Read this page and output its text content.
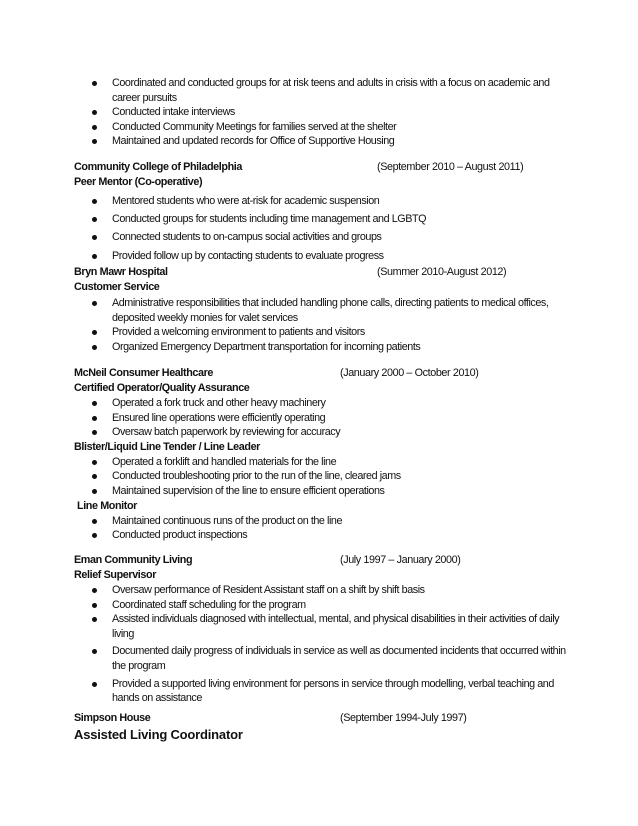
Coordinated and conducted groups for at risk teens and adults in crisis with a focus on academic and career pursuits
Conducted intake interviews
Conducted Community Meetings for families served at the shelter
Maintained and updated records for Office of Supportive Housing
Community College of Philadelphia	(September 2010 – August 2011)
Peer Mentor (Co-operative)
Mentored students who were at-risk for academic suspension
Conducted groups for students including time management and LGBTQ
Connected students to on-campus social activities and groups
Provided follow up by contacting students to evaluate progress
Bryn Mawr Hospital	(Summer 2010-August 2012)
Customer Service
Administrative responsibilities that included handling phone calls, directing patients to medical offices, deposited weekly monies for valet services
Provided a welcoming environment to patients and visitors
Organized Emergency Department transportation for incoming patients
McNeil Consumer Healthcare	(January 2000 – October 2010)
Certified Operator/Quality Assurance
Operated a fork truck and other heavy machinery
Ensured line operations were efficiently operating
Oversaw batch paperwork by reviewing for accuracy
Blister/Liquid Line Tender / Line Leader
Operated a forklift and handled materials for the line
Conducted troubleshooting prior to the run of the line, cleared jams
Maintained supervision of the line to ensure efficient operations
Line Monitor
Maintained continuous runs of the product on the line
Conducted product inspections
Eman Community Living	(July 1997 – January 2000)
Relief Supervisor
Oversaw performance of Resident Assistant staff on a shift by shift basis
Coordinated staff scheduling for the program
Assisted individuals diagnosed with intellectual, mental, and physical disabilities in their activities of daily living
Documented daily progress of individuals in service as well as documented incidents that occurred within the program
Provided a supported living environment for persons in service through modelling, verbal teaching and hands on assistance
Simpson House	(September 1994-July 1997)
Assisted Living Coordinator
